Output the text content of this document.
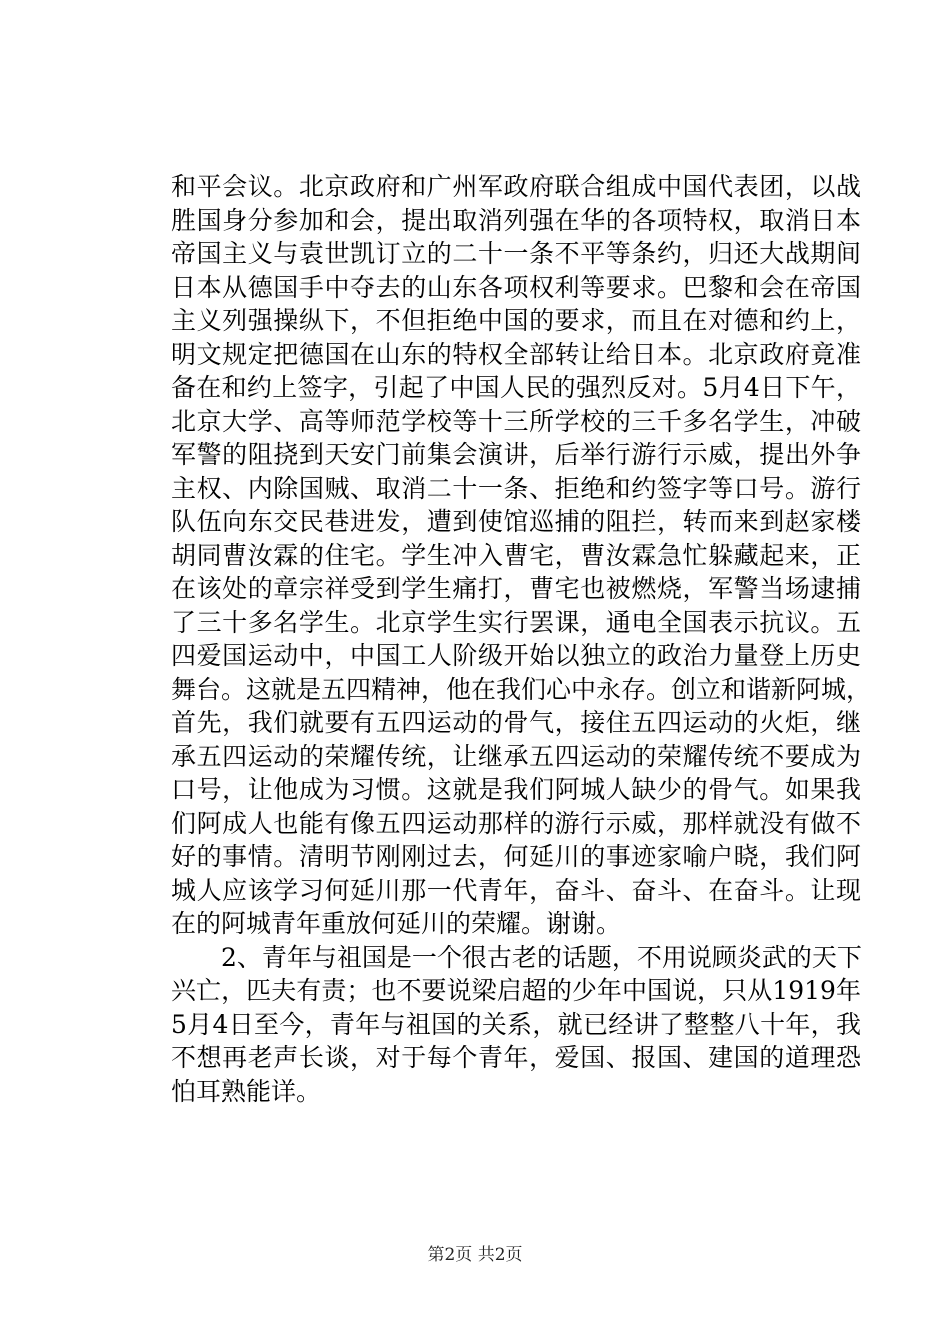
和平会议。北京政府和广州军政府联合组成中国代表团，以战
胜国身分参加和会，提出取消列强在华的各项特权，取消日本
帝国主义与袁世凯订立的二十一条不平等条约，归还大战期间
日本从德国手中夺去的山东各项权利等要求。巴黎和会在帝国
主义列强操纵下，不但拒绝中国的要求，而且在对德和约上，
明文规定把德国在山东的特权全部转让给日本。北京政府竟准
备在和约上签字，引起了中国人民的强烈反对。5月4日下午，
北京大学、高等师范学校等十三所学校的三千多名学生，冲破
军警的阻挠到天安门前集会演讲，后举行游行示威，提出外争
主权、内除国贼、取消二十一条、拒绝和约签字等口号。游行
队伍向东交民巷进发，遭到使馆巡捕的阻拦，转而来到赵家楼
胡同曹汝霖的住宅。学生冲入曹宅，曹汝霖急忙躲藏起来，正
在该处的章宗祥受到学生痛打，曹宅也被燃烧，军警当场逮捕
了三十多名学生。北京学生实行罢课，通电全国表示抗议。五
四爱国运动中，中国工人阶级开始以独立的政治力量登上历史
舞台。这就是五四精神，他在我们心中永存。创立和谐新阿城，
首先，我们就要有五四运动的骨气，接住五四运动的火炬，继
承五四运动的荣耀传统，让继承五四运动的荣耀传统不要成为
口号，让他成为习惯。这就是我们阿城人缺少的骨气。如果我
们阿成人也能有像五四运动那样的游行示威，那样就没有做不
好的事情。清明节刚刚过去，何延川的事迹家喻户晓，我们阿
城人应该学习何延川那一代青年，奋斗、奋斗、在奋斗。让现
在的阿城青年重放何延川的荣耀。谢谢。
2、青年与祖国是一个很古老的话题，不用说顾炎武的天下
兴亡，匹夫有责；也不要说梁启超的少年中国说，只从1919年
5月4日至今，青年与祖国的关系，就已经讲了整整八十年，我
不想再老声长谈，对于每个青年，爱国、报国、建国的道理恐
怕耳熟能详。
第2页 共2页
